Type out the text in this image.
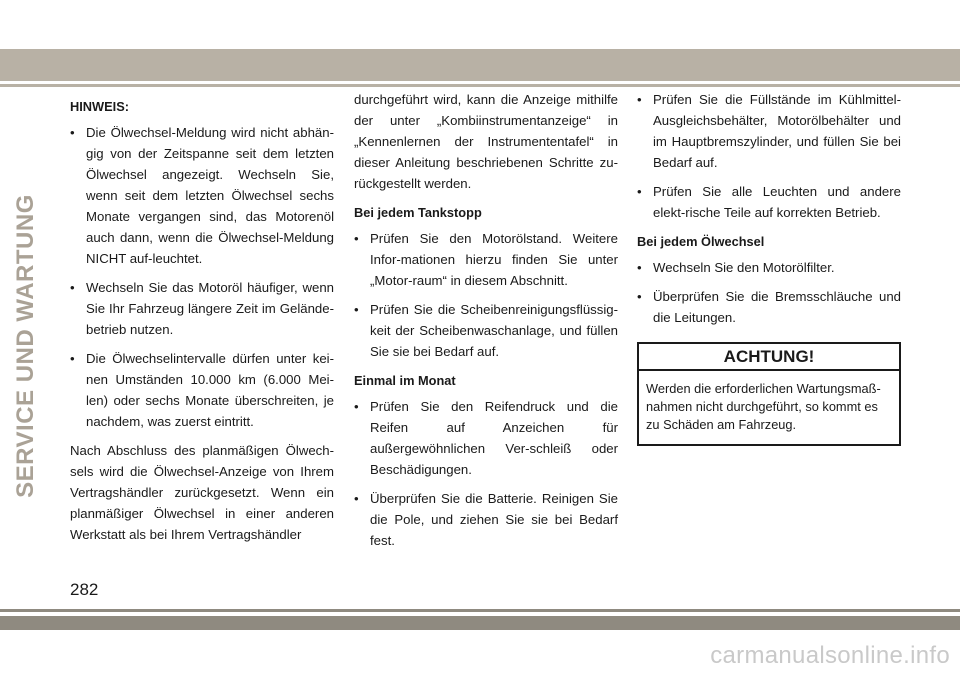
SERVICE UND WARTUNG
HINWEIS:
• Die Ölwechsel-Meldung wird nicht abhän-gig von der Zeitspanne seit dem letzten Ölwechsel angezeigt. Wechseln Sie, wenn seit dem letzten Ölwechsel sechs Monate vergangen sind, das Motorenöl auch dann, wenn die Ölwechsel-Meldung NICHT auf-leuchtet.
• Wechseln Sie das Motoröl häufiger, wenn Sie Ihr Fahrzeug längere Zeit im Gelände-betrieb nutzen.
• Die Ölwechselintervalle dürfen unter kei-nen Umständen 10.000 km (6.000 Mei-len) oder sechs Monate überschreiten, je nachdem, was zuerst eintritt.

Nach Abschluss des planmäßigen Ölwech-sels wird die Ölwechsel-Anzeige von Ihrem Vertragshändler zurückgesetzt. Wenn ein planmäßiger Ölwechsel in einer anderen Werkstatt als bei Ihrem Vertragshändler

durchgeführt wird, kann die Anzeige mithilfe der unter „Kombiinstrumentanzeige“ in „Kennenlernen der Instrumententafel“ in dieser Anleitung beschriebenen Schritte zu-rückgestellt werden.

Bei jedem Tankstopp
• Prüfen Sie den Motorölstand. Weitere Infor-mationen hierzu finden Sie unter „Motor-raum“ in diesem Abschnitt.
• Prüfen Sie die Scheibenreinigungsflüssig-keit der Scheibenwaschanlage, und füllen Sie sie bei Bedarf auf.
Einmal im Monat
• Prüfen Sie den Reifendruck und die Reifen auf Anzeichen für außergewöhnlichen Ver-schleiß oder Beschädigungen.
• Überprüfen Sie die Batterie. Reinigen Sie die Pole, und ziehen Sie sie bei Bedarf fest.
• Prüfen Sie die Füllstände im Kühlmittel-Ausgleichsbehälter, Motorölbehälter und im Hauptbremszylinder, und füllen Sie bei Bedarf auf.
• Prüfen Sie alle Leuchten und andere elekt-rische Teile auf korrekten Betrieb.
Bei jedem Ölwechsel
• Wechseln Sie den Motorölfilter.
• Überprüfen Sie die Bremsschläuche und die Leitungen.
ACHTUNG!
Werden die erforderlichen Wartungsmaß-nahmen nicht durchgeführt, so kommt es zu Schäden am Fahrzeug.
282
carmanualsonline.info
